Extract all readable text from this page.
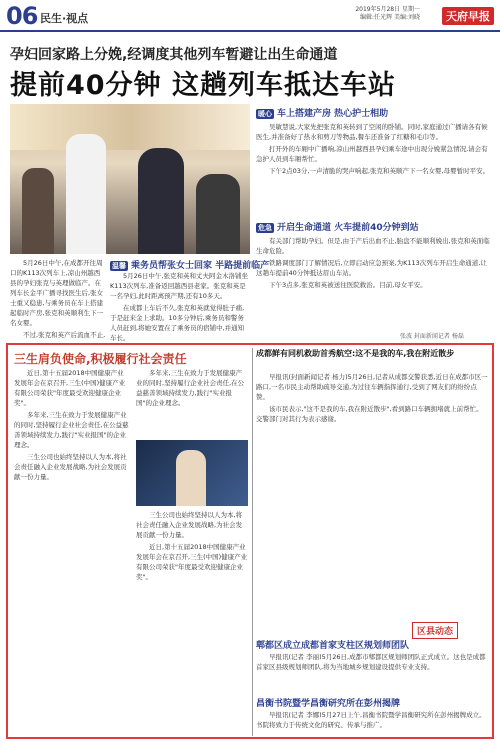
06 民生·视点
2019年5月28日 星期一
编辑:任光辉 美编:刘晓	天府早报
孕妇回家路上分娩,经调度其他列车暂避让出生命通道
提前40分钟 这趟列车抵达车站

5月26日中午,在成都开往周口的K113次列车上,凉山州越西县的孕妇张克与英理做临产。在列车长金平广播寻找医生后,张女士重又稳患,与乘务员在车上搭建起临时产房,张克和英顺利生下一名女婴。

不过,张克和英产后流血不止,

温馨 乘务员帮张女士回家 半路提前临产

5月26日中午,张克和英和丈夫阿金木洛铺坐K113次列车,准备返回越西县老家。张克和英是一名孕妇,此时距离预产期,还有10多天。

在成都上车后不久,张克和英就觉得肚子痛,于是赶来金上求助。10多分钟后,乘务员和警务人员赶到,将她安置在了乘务员的宿铺中,并通知车长。

暖心 车上搭建产房 热心护士相助

吴敏慧说,大家先把张克和英转到了空闲的卧铺。同时,家庭通过广播请各有候医生,并准备好了热水和剪刀等物品,餐车还准备了红糖和毛巾等。

打开外的车厢中广播响,凉山州越西县孕妇乘车途中出现分娩紧急情况,请会有急护人员到车厢帮忙。

下午2点03分,一声清脆的哭声响起,张克和英顺产下一名女婴,母婴暂时平安。

危急 开启生命通道 火车提前40分钟到站

有关部门帮助孕妇。但是,由于产后出血不止,胎盘不能顺利娩出,张克和英面临生命危险。

铁路调度部门了解情况后,立即启动应急预案,为K113次列车开启生命通道,让这趟车提前40分钟抵达眉山车站。

下午3点多,张克和英被送往医院救治。目前,母女平安。

张波 封面新闻记者 杨磊
三生肩负使命,积极履行社会责任

近日,第十五届2018中国健康产业发展年会在京召开,三生(中国)健康产业有限公司荣获"年度最受欢迎健康企业奖"。

多年来,三生在致力于发展健康产业的同时,坚持履行企业社会责任,在公益慈善领域持续发力,践行"实业报国"的企业理念。

三生公司也始终坚持以人为本,将社会责任融入企业发展战略,为社会发展贡献一份力量。

多年来,三生在致力于发展健康产业的同时,坚持履行企业社会责任,在公益慈善领域持续发力,践行"实业报国"的企业理念。

三生公司也始终坚持以人为本,将社会责任融入企业发展战略,为社会发展贡献一份力量。

近日,第十五届2018中国健康产业发展年会在京召开,三生(中国)健康产业有限公司荣获"年度最受欢迎健康企业奖"。

成都鲜有同机救助首秀航空:这不是我的车,我在附近散步

早报讯(封面新闻记者 杨力)5月26日,记者从成都交警获悉,近日在成都市区一路口,一名市民主动帮助疏导交通,为过往车辆指挥通行,受到了网友们的纷纷点赞。

该市民表示,"这不是我的车,我在附近散步",看到路口车辆拥堵就上前帮忙。交警部门对其行为表示感谢。

区县动态
郫都区成立成都首家支柱区规划师团队

早报讯(记者 李丽)5月26日,成都市郫都区规划师团队正式成立。这也是成都首家区县级规划师团队,将为当地城乡规划建设提供专业支持。

昌衡书院暨学昌衡研究所在彭州揭牌

早报讯(记者 李娜)5月27日上午,昌衡书院暨学昌衡研究所在彭州揭牌成立。书院将致力于传统文化的研究、传承与推广。
